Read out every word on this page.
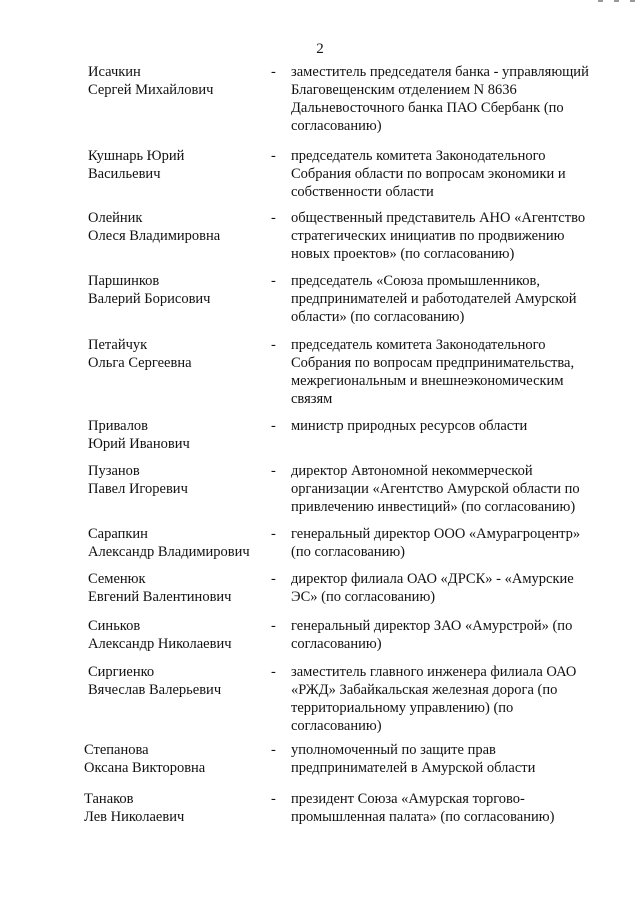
2
Исачкин
Сергей Михайлович
- заместитель председателя банка - управляющий
Благовещенским отделением N 8636
Дальневосточного банка ПАО Сбербанк (по
согласованию)
Кушнарь Юрий
Васильевич
- председатель комитета Законодательного
Собрания области по вопросам экономики и
собственности области
Олейник
Олеся Владимировна
- общественный представитель АНО «Агентство
стратегических инициатив по продвижению
новых проектов» (по согласованию)
Паршинков
Валерий Борисович
- председатель «Союза промышленников,
предпринимателей и работодателей Амурской
области» (по согласованию)
Петайчук
Ольга Сергеевна
- председатель комитета Законодательного
Собрания по вопросам предпринимательства,
межрегиональным и внешнеэкономическим
связям
Привалов
Юрий Иванович
- министр природных ресурсов области
Пузанов
Павел Игоревич
- директор Автономной некоммерческой
организации «Агентство Амурской области по
привлечению инвестиций» (по согласованию)
Сарапкин
Александр Владимирович
- генеральный директор ООО «Амурагроцентр»
(по согласованию)
Семенюк
Евгений Валентинович
- директор филиала ОАО «ДРСК» - «Амурские
ЭС» (по согласованию)
Синьков
Александр Николаевич
- генеральный директор ЗАО «Амурстрой» (по
согласованию)
Сиргиенко
Вячеслав Валерьевич
- заместитель главного инженера филиала ОАО
«РЖД» Забайкальская железная дорога (по
территориальному управлению) (по
согласованию)
Степанова
Оксана Викторовна
- уполномоченный по защите прав
предпринимателей в Амурской области
Танаков
Лев Николаевич
- президент Союза «Амурская торгово-
промышленная палата» (по согласованию)
